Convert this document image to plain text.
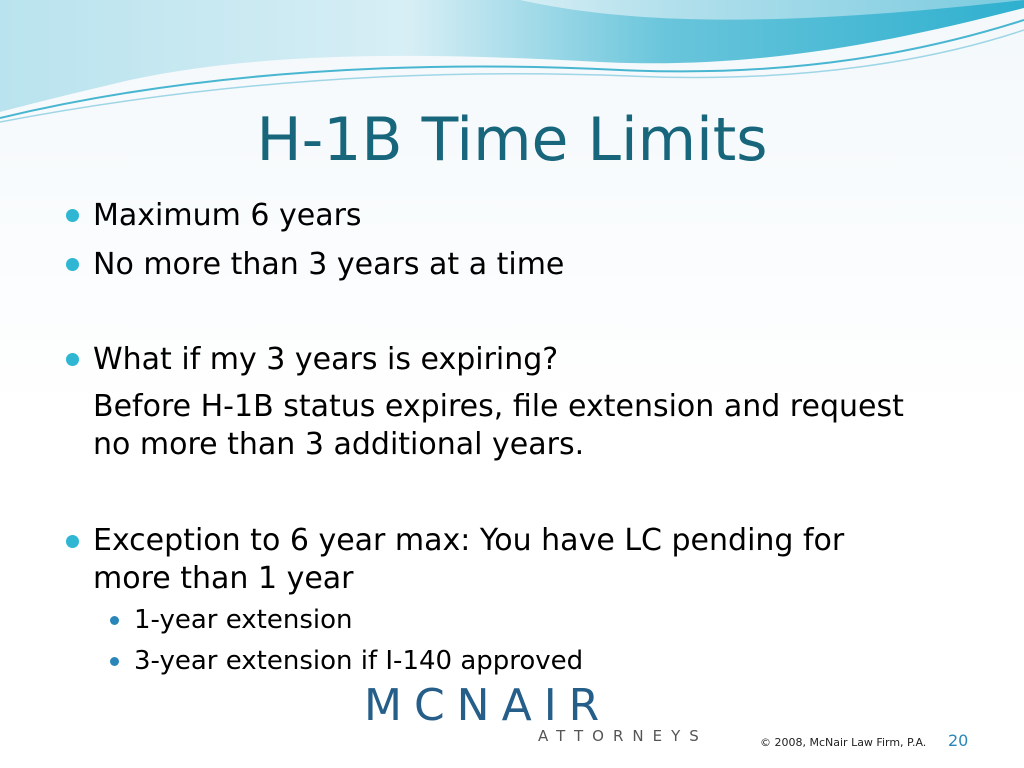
H-1B Time Limits
Maximum 6 years
No more than 3 years at a time
What if my 3 years is expiring?
Before H-1B status expires, file extension and request
no more than 3 additional years.
Exception to 6 year max: You have LC pending for
more than 1 year
1-year extension
3-year extension if I-140 approved
MCNAIR
ATTORNEYS	© 2008, McNair Law Firm, P.A. 20
